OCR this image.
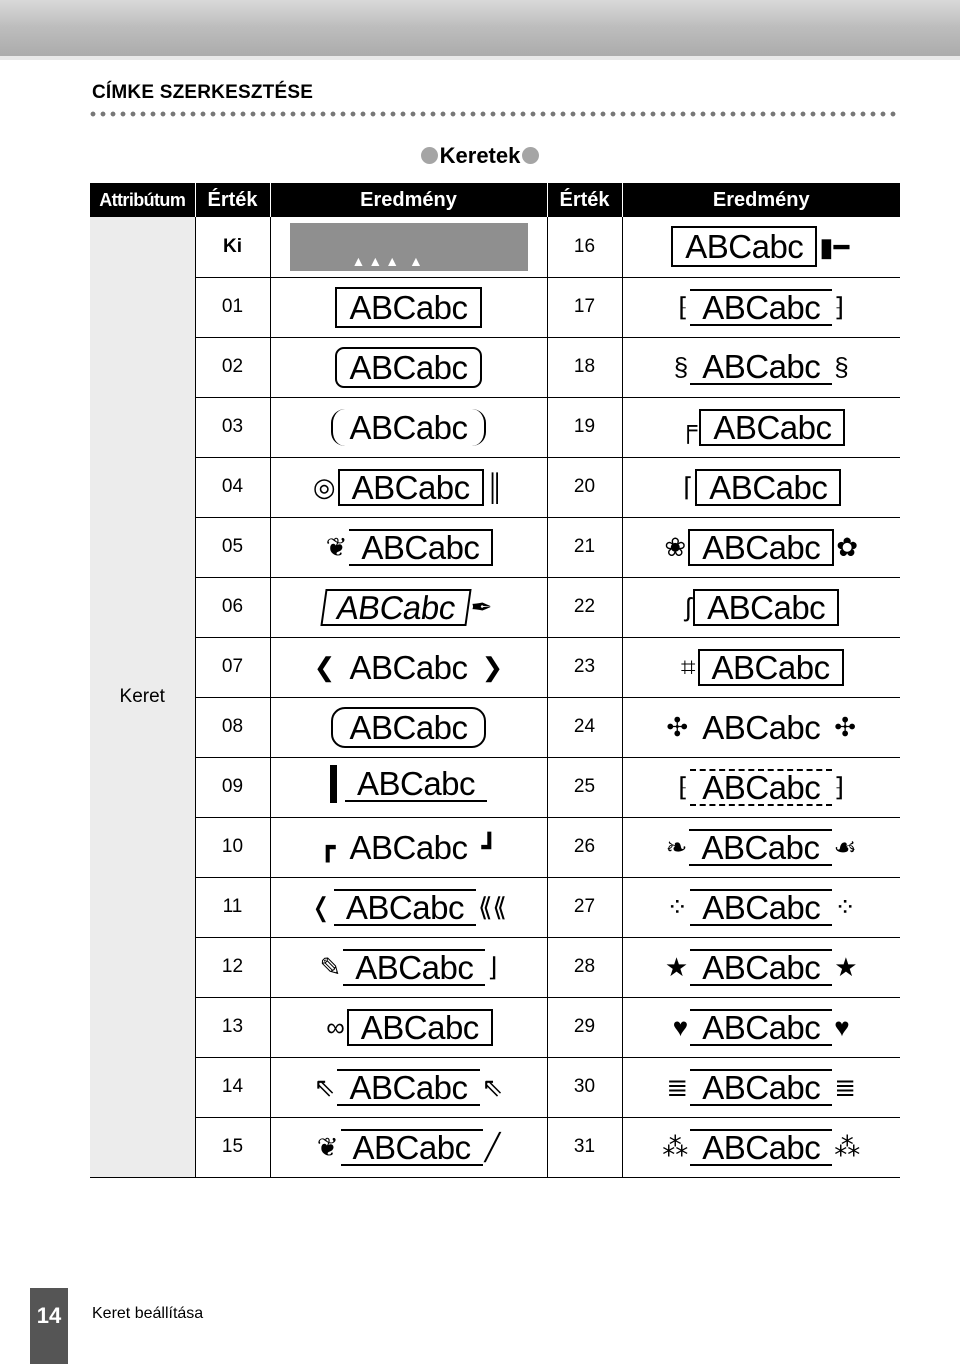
CÍMKE SZERKESZTÉSE
Keretek
Attribútum	Érték	Eredmény	Érték	Eredmény
Keret	Ki	▲▲▲ ▲	16	ABCabc ▮━

	01	ABCabc	17	⁅ ABCabc ⁆

	02	ABCabc	18	§ ABCabc §

	03	ABCabc	19	╒ ABCabc

	04	◎ ABCabc ║	20	⌈ ABCabc

	05	❦ ABCabc	21	❀ ABCabc ✿

	06	ABCabc ✒	22	ʃ ABCabc

	07	❮ ABCabc ❯	23	⌗ ABCabc

	08	ABCabc	24	✣ ABCabc ✣

	09	ABCabc	25	⁅ ABCabc ⁆

	10	┏ ABCabc ┛	26	❧ ABCabc ☙

	11	❬ ABCabc ⟪⟪	27	⁘ ABCabc ⁘

	12	✎ ABCabc ⌋	28	★ ABCabc ★

	13	∞ ABCabc	29	♥ ABCabc ♥

	14	⇖ ABCabc ⇖	30	≣ ABCabc ≣

	15	❦ ABCabc ╱	31	⁂ ABCabc ⁂
14	Keret beállítása
